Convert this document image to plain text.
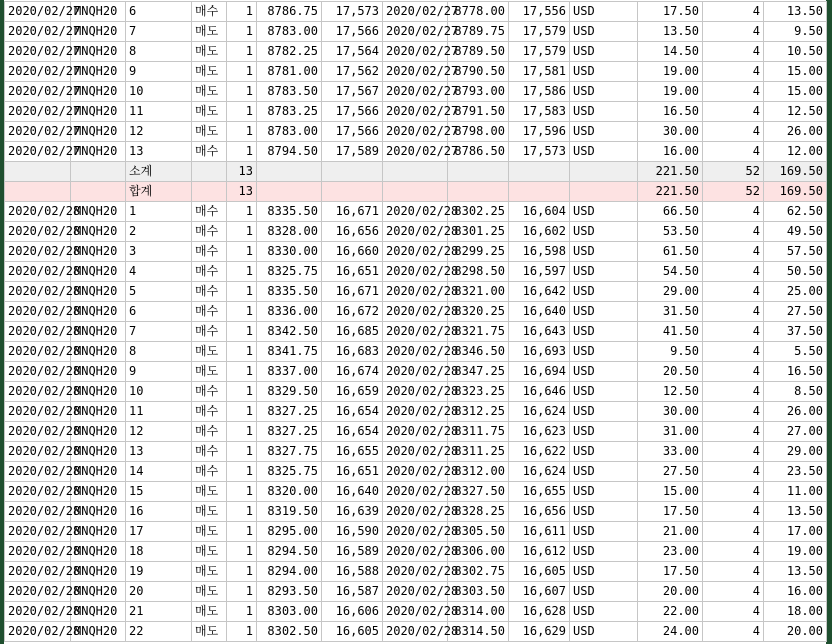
2020/02/27	MNQH20	6	매수	1	8786.75	17,573	2020/02/27	8778.00	17,556	USD	17.50	4	13.50
2020/02/27	MNQH20	7	매도	1	8783.00	17,566	2020/02/27	8789.75	17,579	USD	13.50	4	9.50
2020/02/27	MNQH20	8	매도	1	8782.25	17,564	2020/02/27	8789.50	17,579	USD	14.50	4	10.50
2020/02/27	MNQH20	9	매도	1	8781.00	17,562	2020/02/27	8790.50	17,581	USD	19.00	4	15.00
2020/02/27	MNQH20	10	매도	1	8783.50	17,567	2020/02/27	8793.00	17,586	USD	19.00	4	15.00
2020/02/27	MNQH20	11	매도	1	8783.25	17,566	2020/02/27	8791.50	17,583	USD	16.50	4	12.50
2020/02/27	MNQH20	12	매도	1	8783.00	17,566	2020/02/27	8798.00	17,596	USD	30.00	4	26.00
2020/02/27	MNQH20	13	매수	1	8794.50	17,589	2020/02/27	8786.50	17,573	USD	16.00	4	12.00
		소계		13							221.50	52	169.50
		합계		13							221.50	52	169.50
2020/02/28	MNQH20	1	매수	1	8335.50	16,671	2020/02/28	8302.25	16,604	USD	66.50	4	62.50
2020/02/28	MNQH20	2	매수	1	8328.00	16,656	2020/02/28	8301.25	16,602	USD	53.50	4	49.50
2020/02/28	MNQH20	3	매수	1	8330.00	16,660	2020/02/28	8299.25	16,598	USD	61.50	4	57.50
2020/02/28	MNQH20	4	매수	1	8325.75	16,651	2020/02/28	8298.50	16,597	USD	54.50	4	50.50
2020/02/28	MNQH20	5	매수	1	8335.50	16,671	2020/02/28	8321.00	16,642	USD	29.00	4	25.00
2020/02/28	MNQH20	6	매수	1	8336.00	16,672	2020/02/28	8320.25	16,640	USD	31.50	4	27.50
2020/02/28	MNQH20	7	매수	1	8342.50	16,685	2020/02/28	8321.75	16,643	USD	41.50	4	37.50
2020/02/28	MNQH20	8	매도	1	8341.75	16,683	2020/02/28	8346.50	16,693	USD	9.50	4	5.50
2020/02/28	MNQH20	9	매도	1	8337.00	16,674	2020/02/28	8347.25	16,694	USD	20.50	4	16.50
2020/02/28	MNQH20	10	매수	1	8329.50	16,659	2020/02/28	8323.25	16,646	USD	12.50	4	8.50
2020/02/28	MNQH20	11	매수	1	8327.25	16,654	2020/02/28	8312.25	16,624	USD	30.00	4	26.00
2020/02/28	MNQH20	12	매수	1	8327.25	16,654	2020/02/28	8311.75	16,623	USD	31.00	4	27.00
2020/02/28	MNQH20	13	매수	1	8327.75	16,655	2020/02/28	8311.25	16,622	USD	33.00	4	29.00
2020/02/28	MNQH20	14	매수	1	8325.75	16,651	2020/02/28	8312.00	16,624	USD	27.50	4	23.50
2020/02/28	MNQH20	15	매도	1	8320.00	16,640	2020/02/28	8327.50	16,655	USD	15.00	4	11.00
2020/02/28	MNQH20	16	매도	1	8319.50	16,639	2020/02/28	8328.25	16,656	USD	17.50	4	13.50
2020/02/28	MNQH20	17	매도	1	8295.00	16,590	2020/02/28	8305.50	16,611	USD	21.00	4	17.00
2020/02/28	MNQH20	18	매도	1	8294.50	16,589	2020/02/28	8306.00	16,612	USD	23.00	4	19.00
2020/02/28	MNQH20	19	매도	1	8294.00	16,588	2020/02/28	8302.75	16,605	USD	17.50	4	13.50
2020/02/28	MNQH20	20	매도	1	8293.50	16,587	2020/02/28	8303.50	16,607	USD	20.00	4	16.00
2020/02/28	MNQH20	21	매도	1	8303.00	16,606	2020/02/28	8314.00	16,628	USD	22.00	4	18.00
2020/02/28	MNQH20	22	매도	1	8302.50	16,605	2020/02/28	8314.50	16,629	USD	24.00	4	20.00
